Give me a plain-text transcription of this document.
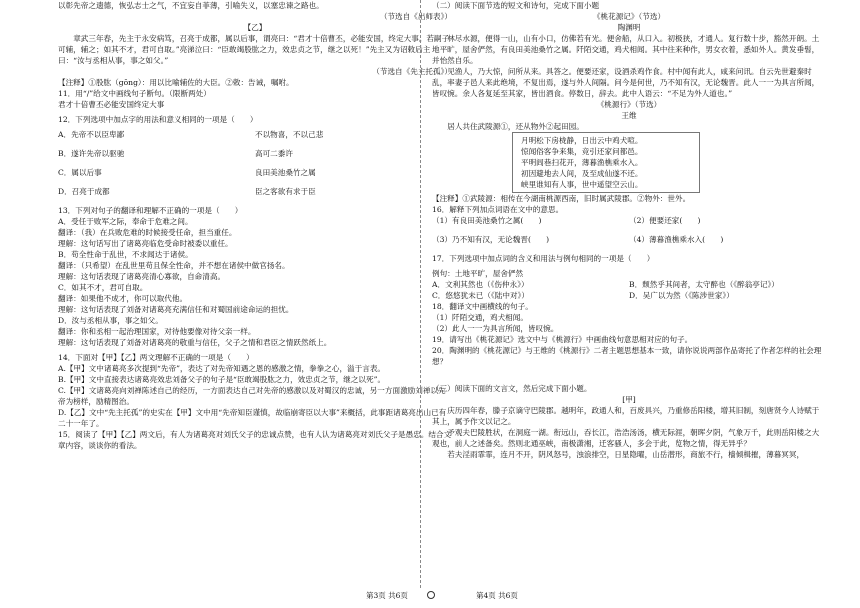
以彰先帝之遗德，恢弘志士之气，不宜妄自菲薄，引喻失义，以塞忠谏之路也。

（节选自《出师表》）

【乙】

章武三年春，先主于永安病笃，召亮于成都，属以后事，谓亮曰：“君才十倍曹丕，必能安国，终定大事。若嗣子可辅，辅之；如其不才，君可自取。”亮涕泣曰：“臣敢竭股肱之力，效忠贞之节，继之以死！”先主又为诏敕后主曰：“汝与丞相从事，事之如父。”

（节选自《先主托孤》）

【注释】①股肱（gōng）：用以比喻辅佐的大臣。②敕：告诫，嘱咐。

11．用“/”给文中画线句子断句。（限断两处）

君才十倍曹丕必能安国终定大事

12．下列选项中加点字的用法和意义相同的一项是（　　）

A．先帝不以臣卑鄙	不以物喜，不以己悲
B．遂许先帝以驱驰	高可二黍许
C．属以后事	良田美池桑竹之属
D．召亮于成都	臣之客欲有求于臣

13．下列对句子的翻译和理解不正确的一项是（　　）

A．受任于败军之际，奉命于危难之间。

翻译：（我）在兵败危难的时候接受任命，担当重任。

理解：这句话写出了诸葛亮临危受命时被委以重任。

B．苟全性命于乱世，不求闻达于诸侯。

翻译：（只希望）在乱世里苟且保全性命，并不想在诸侯中做官扬名。

理解：这句话表现了诸葛亮清心寡欲，自命清高。

C．如其不才，君可自取。

翻译：如果他不成才，你可以取代他。

理解：这句话表现了刘备对诸葛亮充满信任和对蜀国前途命运的担忧。

D．汝与丞相从事，事之如父。

翻译：你和丞相一起治理国家，对待他要像对待父亲一样。

理解：这句话表现了刘备对诸葛亮的敬重与信任，父子之情和君臣之情跃然纸上。

14．下面对【甲】【乙】两文理解不正确的一项是（　　）

A.【甲】文中诸葛亮多次提到“先帝”，表达了对先帝知遇之恩的感激之情，拳拳之心，溢于言表。

B.【甲】文中直接表达诸葛亮效忠刘备父子的句子是“臣敢竭股肱之力，效忠贞之节，继之以死”。

C.【甲】文诸葛亮向刘禅陈述自己的经历，一方面表达自己对先帝的感激以及对蜀汉的忠诚，另一方面激励刘禅以先帝为榜样，励精图治。

D.【乙】文中“先主托孤”的史实在【甲】文中用“先帝知臣谨慎，故临崩寄臣以大事”来概括，此事距诸葛亮出山已有二十一年了。

15．阅读了【甲】【乙】两文后，有人为诸葛亮对刘氏父子的忠诚点赞，也有人认为诸葛亮对刘氏父子是愚忠。结合文章内容，谈谈你的看法。

（二）阅读下面节选的短文和诗句，完成下面小题

《桃花源记》（节选）

陶渊明

林尽水源，便得一山，山有小口，仿佛若有光。便舍船，从口入。初极狭，才通人。复行数十步，豁然开朗。土地平旷，屋舍俨然，有良田美池桑竹之属。阡陌交通，鸡犬相闻。其中往来种作，男女衣着，悉如外人。黄发垂髫，并怡然自乐。

见渔人，乃大惊，问所从来。具答之。便要还家，设酒杀鸡作食。村中闻有此人，咸来问讯。自云先世避秦时乱，率妻子邑人来此绝境，不复出焉，遂与外人间隔。问今是何世，乃不知有汉，无论魏晋。此人一一为具言所闻，皆叹惋。余人各复延至其家，皆出酒食。停数日，辞去。此中人语云：“不足为外人道也。”

《桃源行》（节选）

王维

居人共住武陵源①，还从物外②起田园。

月明松下房栊静，日出云中鸡犬喧。

惊闻俗客争来集，竞引还家问都邑。

平明闾巷扫花开，薄暮渔樵乘水入。

初因避地去人间，及至成仙遂不还。

峡里谁知有人事，世中遥望空云山。

【注释】①武陵源：相传在今湖南桃源西南，旧时属武陵郡。②物外：世外。

16．解释下列加点词语在文中的意思。

（1）有良田美池桑竹之属(　　)	（2）便要还家(　　)
（3）乃不知有汉，无论魏晋(　　)	（4）薄暮渔樵乘水入(　　)

17．下列选项中加点词的含义和用法与例句相同的一项是（　　）

例句：土地平旷，屋舍俨然

A．文利其然也（《伤仲永》）	B．颓然乎其间者，太守醉也（《醉翁亭记》）
C．悠悠犹未已（《陆中对》）	D．吴广以为然（《陈涉世家》）

18．翻译文中画横线的句子。

（1）阡陌交通，鸡犬相闻。

（2）此人一一为具言所闻，皆叹惋。

19．请写出《桃花源记》选文中与《桃源行》中画曲线句意思相对应的句子。

20．陶渊明的《桃花源记》与王维的《桃源行》二者主题思想基本一致，请你说说两部作品寄托了作者怎样的社会理想？

（三）阅读下面的文言文，然后完成下面小题。

[甲]

庆历四年春，滕子京谪守巴陵郡。越明年，政通人和，百废具兴，乃重修岳阳楼，增其旧制，刻唐贤今人诗赋于其上，属予作文以记之。

予观夫巴陵胜状，在洞庭一湖。衔远山，吞长江，浩浩汤汤，横无际涯，朝晖夕阴，气象万千，此则岳阳楼之大观也，前人之述备矣。然则北通巫峡，南极潇湘，迁客骚人，多会于此，览物之情，得无异乎？

若夫淫雨霏霏，连月不开，阴风怒号，浊浪排空，日星隐曜，山岳潜形，商旅不行，樯倾楫摧，薄暮冥冥，

第3页 共6页	第4页 共6页
